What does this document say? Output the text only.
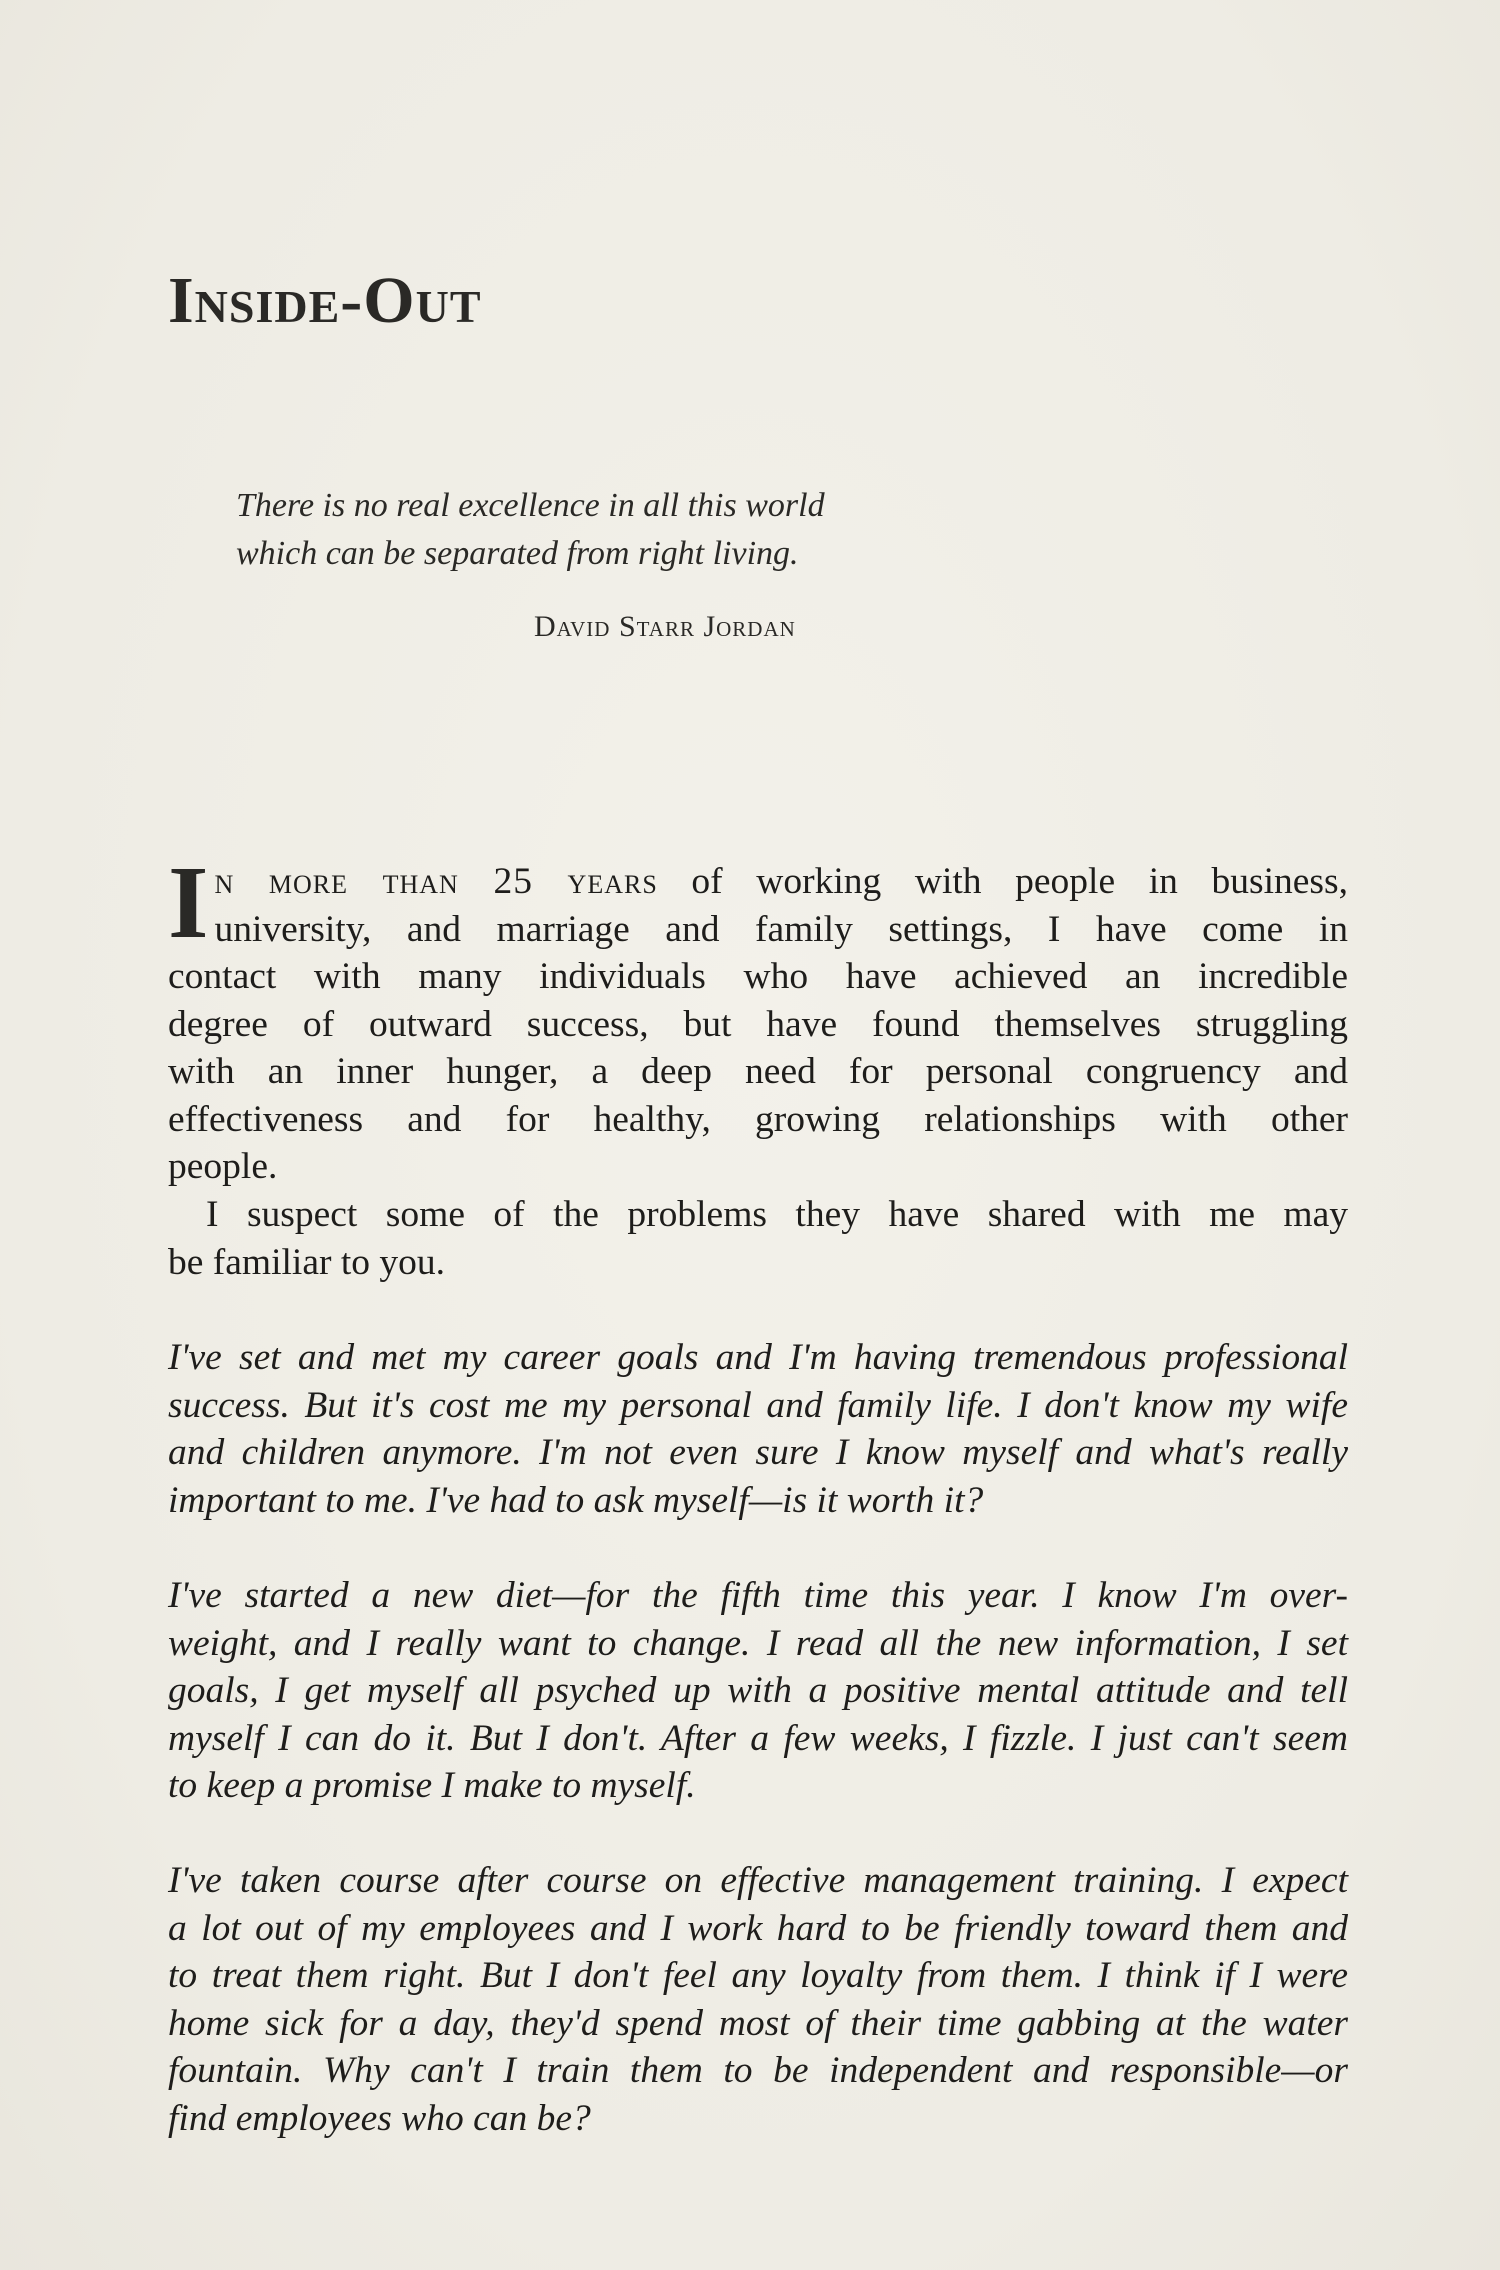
Inside-Out
There is no real excellence in all this world
which can be separated from right living.
David Starr Jordan
I n more than 25 years of working with people in business,
university, and marriage and family settings, I have come in
contact with many individuals who have achieved an incredible
degree of outward success, but have found themselves struggling
with an inner hunger, a deep need for personal congruency and
effectiveness and for healthy, growing relationships with other
people.
I suspect some of the problems they have shared with me may
be familiar to you.
I've set and met my career goals and I'm having tremendous professional
success. But it's cost me my personal and family life. I don't know my wife
and children anymore. I'm not even sure I know myself and what's really
important to me. I've had to ask myself—is it worth it?
I've started a new diet—for the fifth time this year. I know I'm over-
weight, and I really want to change. I read all the new information, I set
goals, I get myself all psyched up with a positive mental attitude and tell
myself I can do it. But I don't. After a few weeks, I fizzle. I just can't seem
to keep a promise I make to myself.
I've taken course after course on effective management training. I expect
a lot out of my employees and I work hard to be friendly toward them and
to treat them right. But I don't feel any loyalty from them. I think if I were
home sick for a day, they'd spend most of their time gabbing at the water
fountain. Why can't I train them to be independent and responsible—or
find employees who can be?
